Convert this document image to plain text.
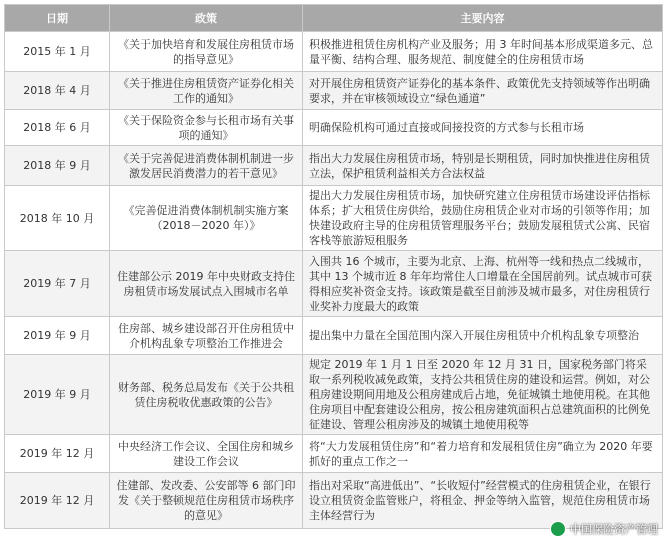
日期	政策	主要内容
2015 年 1 月	《关于加快培育和发展住房租赁市场的指导意见》	积极推进租赁住房机构产业及服务；用 3 年时间基本形成渠道多元、总量平衡、结构合理、服务规范、制度健全的住房租赁市场
2018 年 4 月	《关于推进住房租赁资产证券化相关工作的通知》	对开展住房租赁资产证券化的基本条件、政策优先支持领域等作出明确要求，并在审核领域设立“绿色通道”
2018 年 6 月	《关于保险资金参与长租市场有关事项的通知》	明确保险机构可通过直接或间接投资的方式参与长租市场
2018 年 9 月	《关于完善促进消费体制机制进一步激发居民消费潜力的若干意见》	指出大力发展住房租赁市场，特别是长期租赁，同时加快推进住房租赁立法，保护租赁利益相关方合法权益
2018 年 10 月	《完善促进消费体制机制实施方案（2018－2020 年）》	提出大力发展住房租赁市场，加快研究建立住房租赁市场建设评估指标体系；扩大租赁住房供给，鼓励住房租赁企业对市场的引领等作用；加快建设政府主导的住房租赁管理服务平台；鼓励发展租赁式公寓、民宿客栈等旅游短租服务
2019 年 7 月	住建部公示 2019 年中央财政支持住房租赁市场发展试点入围城市名单	入围共 16 个城市，主要为北京、上海、杭州等一线和热点二线城市，其中 13 个城市近 8 年年均常住人口增量在全国居前列。试点城市可获得相应奖补资金支持。该政策是截至目前涉及城市最多，对住房租赁行业奖补力度最大的政策
2019 年 9 月	住房部、城乡建设部召开住房租赁中介机构乱象专项整治工作推进会	提出集中力量在全国范围内深入开展住房租赁中介机构乱象专项整治
2019 年 9 月	财务部、税务总局发布《关于公共租赁住房税收优惠政策的公告》	规定 2019 年 1 月 1 日至 2020 年 12 月 31 日，国家税务部门将采取一系列税收减免政策，支持公共租赁住房的建设和运营。例如，对公租房建设期间用地及公租房建成后占地，免征城镇土地使用税。在其他住房项目中配套建设公租房，按公租房建筑面积占总建筑面积的比例免征建设、管理公租房涉及的城镇土地使用税等
2019 年 12 月	中央经济工作会议、全国住房和城乡建设工作会议	将“大力发展租赁住房”和“着力培育和发展租赁住房”确立为 2020 年要抓好的重点工作之一
2019 年 12 月	住建部、发改委、公安部等 6 部门印发《关于整顿规范住房租赁市场秩序的意见》	指出对采取“高进低出”、“长收短付”经营模式的住房租赁企业，在银行设立租赁资金监管账户，将租金、押金等纳入监管，规范住房租赁市场主体经营行为
中国保险资产管理
